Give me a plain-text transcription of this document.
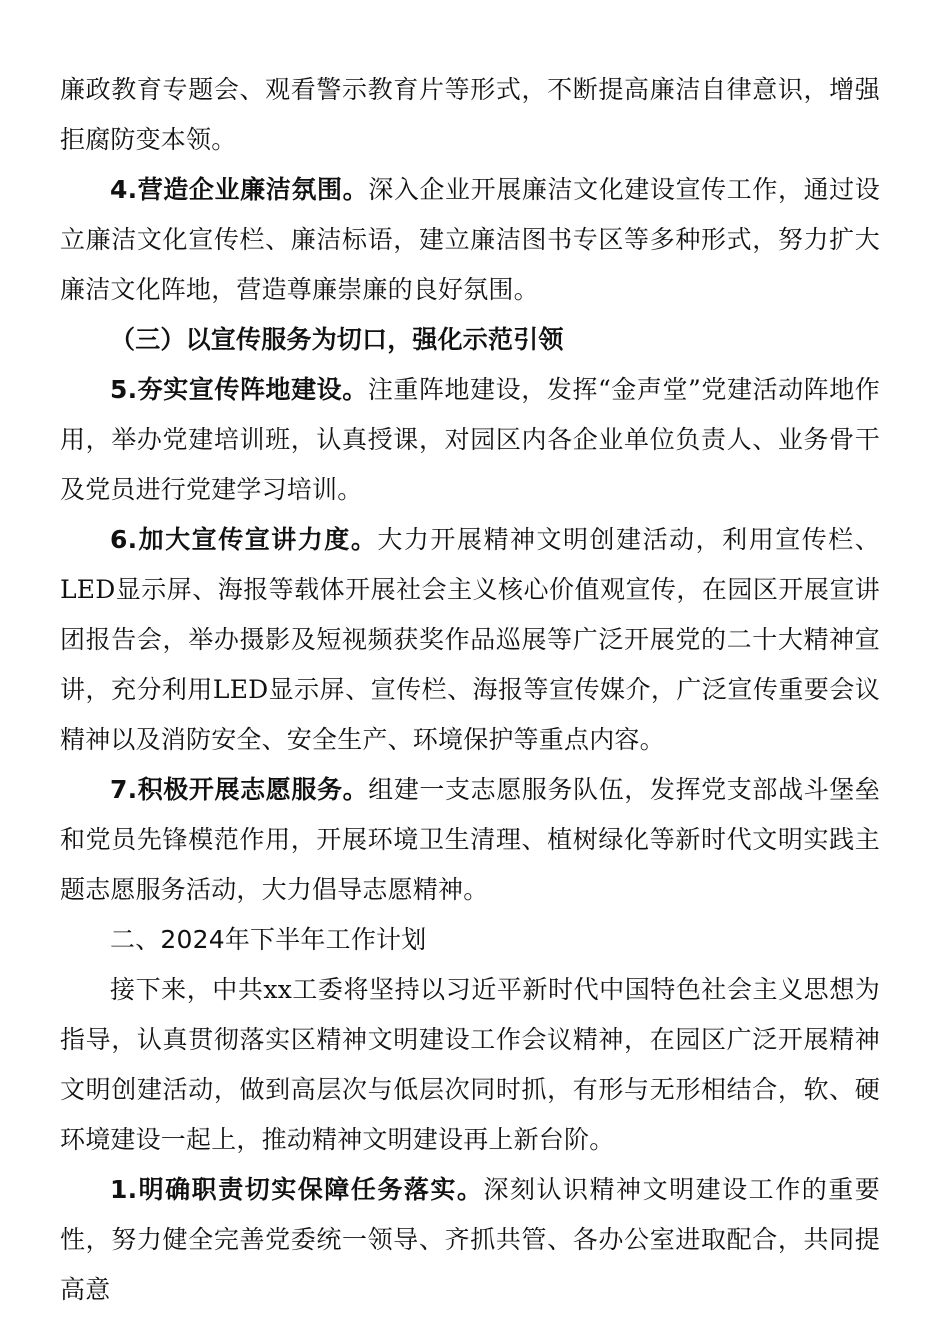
廉政教育专题会、观看警示教育片等形式，不断提高廉洁自律意识，增强拒腐防变本领。

4.营造企业廉洁氛围。深入企业开展廉洁文化建设宣传工作，通过设立廉洁文化宣传栏、廉洁标语，建立廉洁图书专区等多种形式，努力扩大廉洁文化阵地，营造尊廉崇廉的良好氛围。

（三）以宣传服务为切口，强化示范引领

5.夯实宣传阵地建设。注重阵地建设，发挥“金声堂”党建活动阵地作用，举办党建培训班，认真授课，对园区内各企业单位负责人、业务骨干及党员进行党建学习培训。

6.加大宣传宣讲力度。大力开展精神文明创建活动，利用宣传栏、LED显示屏、海报等载体开展社会主义核心价值观宣传，在园区开展宣讲团报告会，举办摄影及短视频获奖作品巡展等广泛开展党的二十大精神宣讲，充分利用LED显示屏、宣传栏、海报等宣传媒介，广泛宣传重要会议精神以及消防安全、安全生产、环境保护等重点内容。

7.积极开展志愿服务。组建一支志愿服务队伍，发挥党支部战斗堡垒和党员先锋模范作用，开展环境卫生清理、植树绿化等新时代文明实践主题志愿服务活动，大力倡导志愿精神。

二、2024年下半年工作计划

接下来，中共xx工委将坚持以习近平新时代中国特色社会主义思想为指导，认真贯彻落实区精神文明建设工作会议精神，在园区广泛开展精神文明创建活动，做到高层次与低层次同时抓，有形与无形相结合，软、硬环境建设一起上，推动精神文明建设再上新台阶。

1.明确职责切实保障任务落实。深刻认识精神文明建设工作的重要性，努力健全完善党委统一领导、齐抓共管、各办公室进取配合，共同提高意
